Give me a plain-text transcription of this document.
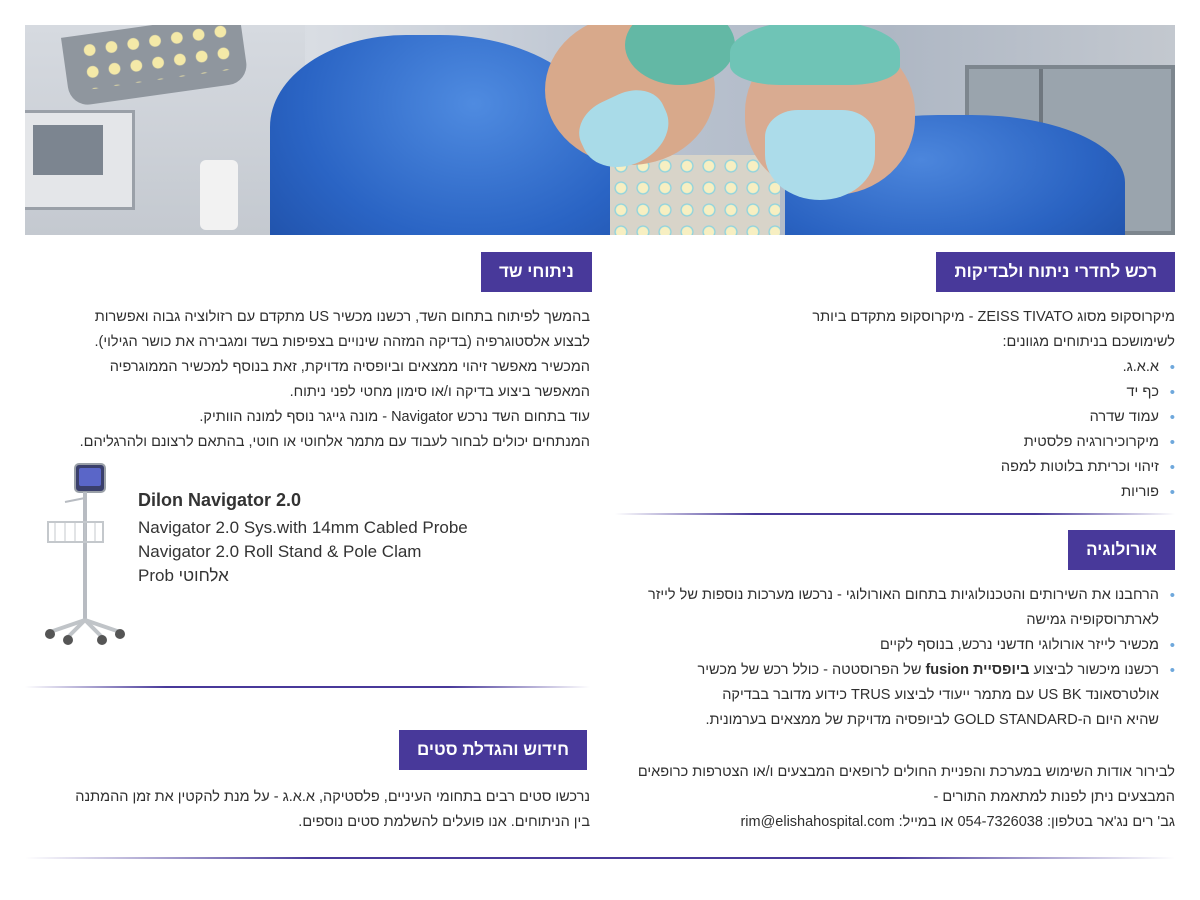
רכש לחדרי ניתוח ולבדיקות
מיקרוסקופ מסוג ZEISS TIVATO - מיקרוסקופ מתקדם ביותר
לשימושכם בניתוחים מגוונים:
• א.א.ג.
• כף יד
• עמוד שדרה
• מיקרוכירורגיה פלסטית
• זיהוי וכריתת בלוטות למפה
• פוריות
אורולוגיה
• הרחבנו את השירותים והטכנולוגיות בתחום האורולוגי - נרכשו מערכות נוספות של לייזר
לארתרוסקופיה גמישה
• מכשיר לייזר אורולוגי חדשני נרכש, בנוסף לקיים
• רכשנו מיכשור לביצוע ביופסיית fusion של הפרוסטטה - כולל רכש של מכשיר
אולטרסאונד US BK עם מתמר ייעודי לביצוע TRUS כידוע מדובר בבדיקה
שהיא היום ה-GOLD STANDARD לביופסיה מדויקת של ממצאים בערמונית.
לבירור אודות השימוש במערכת והפניית החולים לרופאים המבצעים ו/או הצטרפות כרופאים
המבצעים ניתן לפנות למתאמת התורים -
גב' רים נג'אר בטלפון: 054-7326038 או במייל: rim@elishahospital.com
ניתוחי שד
בהמשך לפיתוח בתחום השד, רכשנו מכשיר US מתקדם עם רזולוציה גבוה ואפשרות
לבצוע אלסטוגרפיה (בדיקה המזהה שינויים בצפיפות בשד ומגבירה את כושר הגילוי).
המכשיר מאפשר זיהוי ממצאים וביופסיה מדויקת, זאת בנוסף למכשיר הממוגרפיה
המאפשר ביצוע בדיקה ו/או סימון מחטי לפני ניתוח.
עוד בתחום השד נרכש Navigator - מונה גייגר נוסף למונה הוותיק.
המנתחים יכולים לבחור לעבוד עם מתמר אלחוטי או חוטי, בהתאם לרצונם ולהרגליהם.
Dilon Navigator 2.0
Navigator 2.0 Sys.with 14mm Cabled Probe
Navigator 2.0 Roll Stand & Pole Clam
Prob אלחוטי
חידוש והגדלת סטים
נרכשו סטים רבים בתחומי העיניים, פלסטיקה, א.א.ג - על מנת להקטין את זמן ההמתנה
בין הניתוחים. אנו פועלים להשלמת סטים נוספים.
